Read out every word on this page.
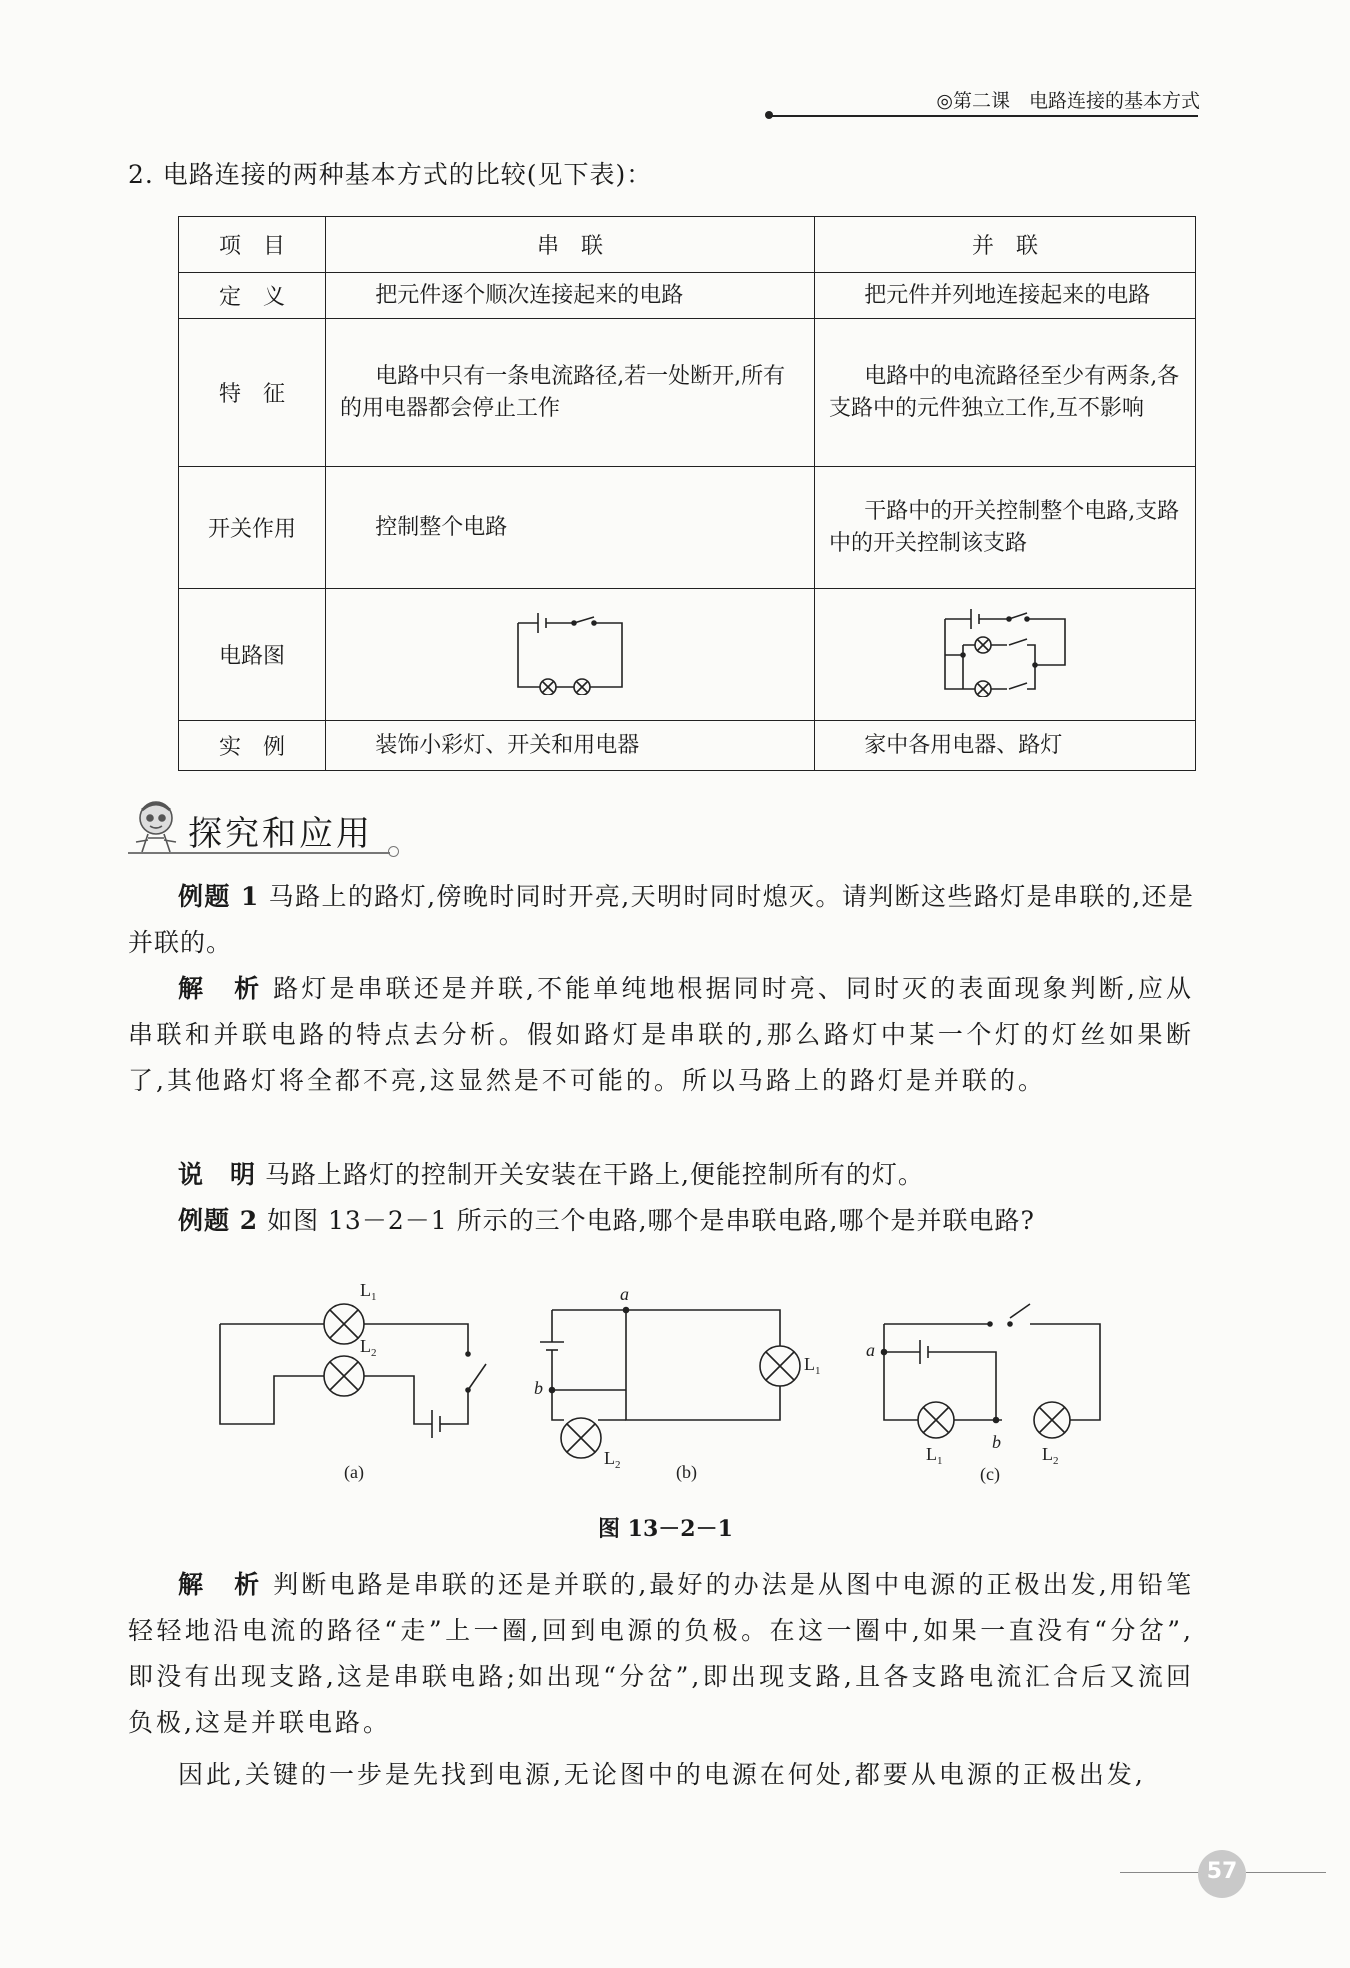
◎第二课　电路连接的基本方式
2. 电路连接的两种基本方式的比较(见下表)：
项　目	串　联	并　联
定　义	把元件逐个顺次连接起来的电路	把元件并列地连接起来的电路
特　征	电路中只有一条电流路径,若一处断开,所有的用电器都会停止工作	电路中的电流路径至少有两条,各支路中的元件独立工作,互不影响
开关作用	控制整个电路	干路中的开关控制整个电路,支路中的开关控制该支路
电路图		
实　例	装饰小彩灯、开关和用电器	家中各用电器、路灯
探究和应用
例题 1 马路上的路灯,傍晚时同时开亮,天明时同时熄灭。请判断这些路灯是串联的,还是并联的。
解　析 路灯是串联还是并联,不能单纯地根据同时亮、同时灭的表面现象判断,应从串联和并联电路的特点去分析。假如路灯是串联的,那么路灯中某一个灯的灯丝如果断了,其他路灯将全都不亮,这显然是不可能的。所以马路上的路灯是并联的。
说　明 马路上路灯的控制开关安装在干路上,便能控制所有的灯。
例题 2 如图 13－2－1 所示的三个电路,哪个是串联电路,哪个是并联电路?
$L_1$
$L_2$
a
b
$L_2$
$L_1$
a
b
$L_1$	$L_2$
(a)	(b)	(c)
图 13－2－1
解　析 判断电路是串联的还是并联的,最好的办法是从图中电源的正极出发,用铅笔轻轻地沿电流的路径“走”上一圈,回到电源的负极。在这一圈中,如果一直没有“分岔”,即没有出现支路,这是串联电路;如出现“分岔”,即出现支路,且各支路电流汇合后又流回负极,这是并联电路。
因此,关键的一步是先找到电源,无论图中的电源在何处,都要从电源的正极出发,
57
